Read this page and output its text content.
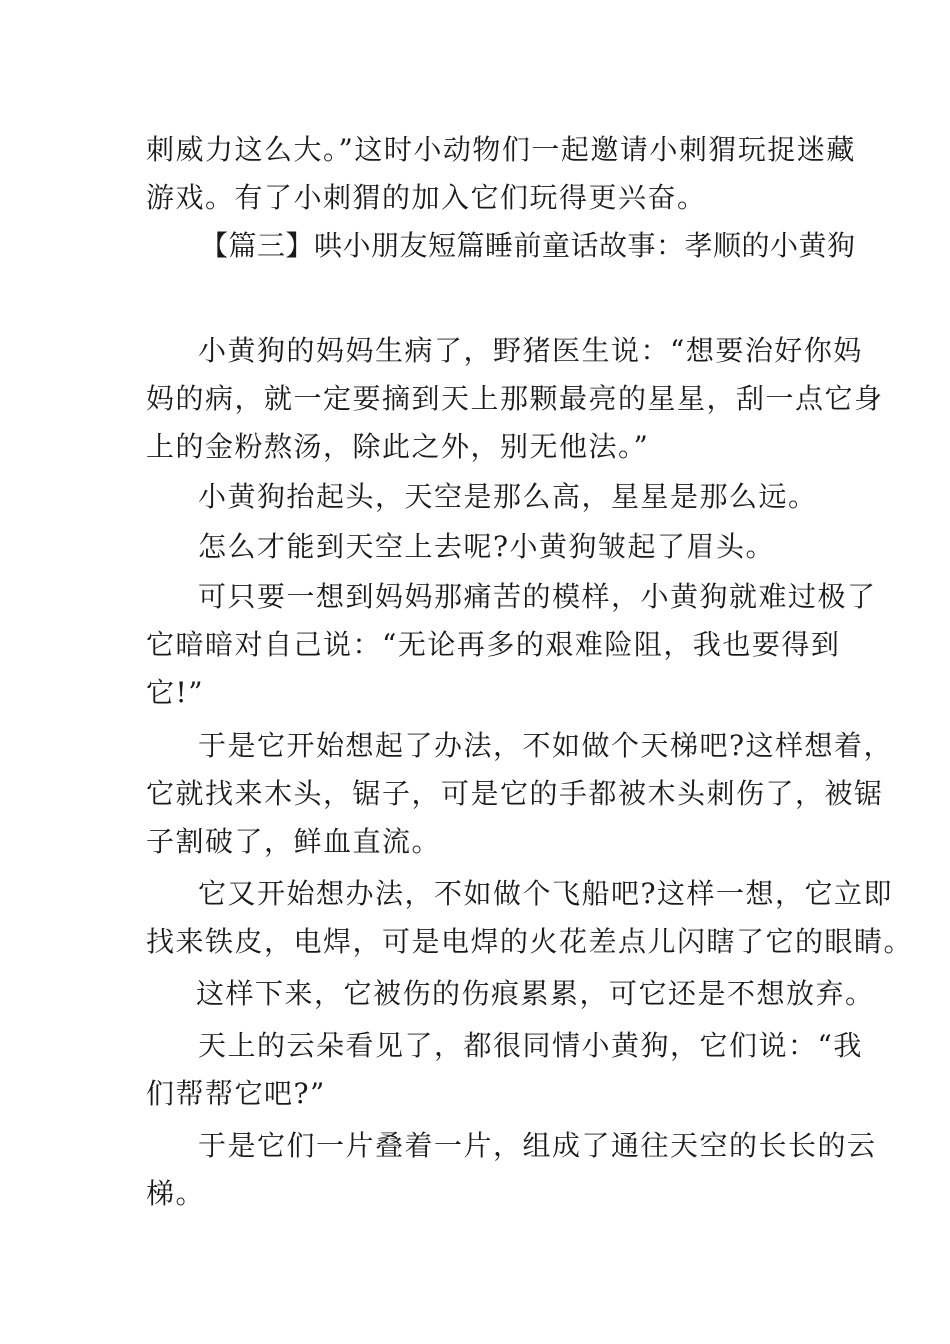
刺威力这么大。”这时小动物们一起邀请小刺猬玩捉迷藏
游戏。有了小刺猬的加入它们玩得更兴奋。
【篇三】哄小朋友短篇睡前童话故事：孝顺的小黄狗
小黄狗的妈妈生病了，野猪医生说：“想要治好你妈
妈的病，就一定要摘到天上那颗最亮的星星，刮一点它身
上的金粉熬汤，除此之外，别无他法。”
小黄狗抬起头，天空是那么高，星星是那么远。
怎么才能到天空上去呢?小黄狗皱起了眉头。
可只要一想到妈妈那痛苦的模样，小黄狗就难过极了
它暗暗对自己说：“无论再多的艰难险阻，我也要得到
它!”
于是它开始想起了办法，不如做个天梯吧?这样想着，
它就找来木头，锯子，可是它的手都被木头刺伤了，被锯
子割破了，鲜血直流。
它又开始想办法，不如做个飞船吧?这样一想，它立即
找来铁皮，电焊，可是电焊的火花差点儿闪瞎了它的眼睛。
这样下来，它被伤的伤痕累累，可它还是不想放弃。
天上的云朵看见了，都很同情小黄狗，它们说：“我
们帮帮它吧?”
于是它们一片叠着一片，组成了通往天空的长长的云
梯。
